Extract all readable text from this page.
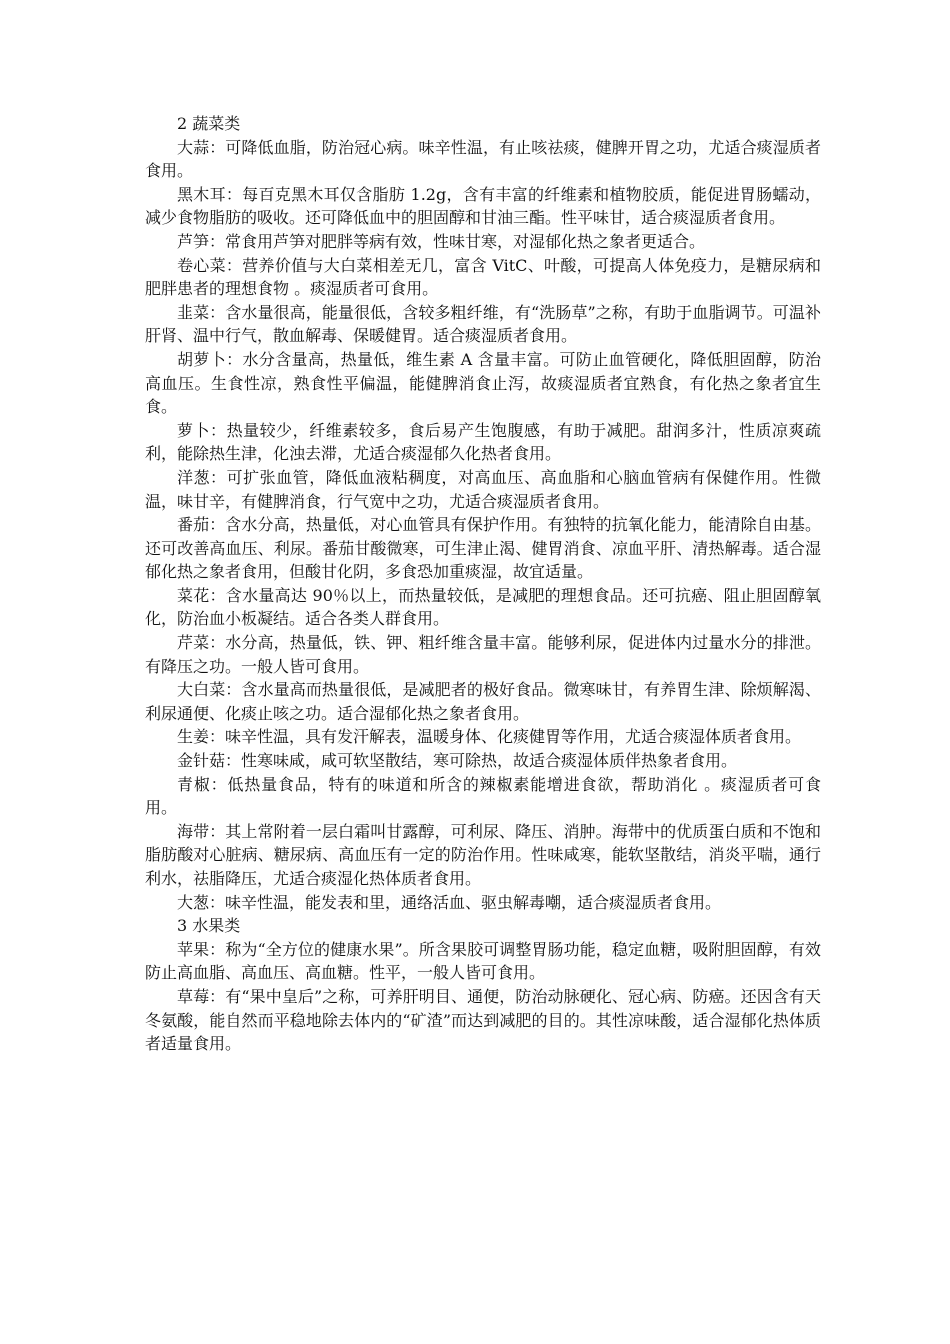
2 蔬菜类

大蒜：可降低血脂，防治冠心病。味辛性温，有止咳祛痰，健脾开胃之功，尤适合痰湿质者食用。

黑木耳：每百克黑木耳仅含脂肪 1.2g，含有丰富的纤维素和植物胶质，能促进胃肠蠕动，减少食物脂肪的吸收。还可降低血中的胆固醇和甘油三酯。性平味甘，适合痰湿质者食用。

芦笋：常食用芦笋对肥胖等病有效，性味甘寒，对湿郁化热之象者更适合。

卷心菜：营养价值与大白菜相差无几，富含 VitC、叶酸，可提高人体免疫力，是糖尿病和肥胖患者的理想食物 。痰湿质者可食用。

韭菜：含水量很高，能量很低，含较多粗纤维，有“洗肠草”之称，有助于血脂调节。可温补肝肾、温中行气，散血解毒、保暖健胃。适合痰湿质者食用。

胡萝卜：水分含量高，热量低，维生素 A 含量丰富。可防止血管硬化，降低胆固醇，防治高血压。生食性凉，熟食性平偏温，能健脾消食止泻，故痰湿质者宜熟食，有化热之象者宜生食。

萝卜：热量较少，纤维素较多，食后易产生饱腹感，有助于减肥。甜润多汁，性质凉爽疏利，能除热生津，化浊去滞，尤适合痰湿郁久化热者食用。

洋葱：可扩张血管，降低血液粘稠度，对高血压、高血脂和心脑血管病有保健作用。性微温，味甘辛，有健脾消食，行气宽中之功，尤适合痰湿质者食用。

番茄：含水分高，热量低，对心血管具有保护作用。有独特的抗氧化能力，能清除自由基。还可改善高血压、利尿。番茄甘酸微寒，可生津止渴、健胃消食、凉血平肝、清热解毒。适合湿郁化热之象者食用，但酸甘化阴，多食恐加重痰湿，故宜适量。

菜花：含水量高达 90％以上，而热量较低，是减肥的理想食品。还可抗癌、阻止胆固醇氧化，防治血小板凝结。适合各类人群食用。

芹菜：水分高，热量低，铁、钾、粗纤维含量丰富。能够利尿，促进体内过量水分的排泄。有降压之功。一般人皆可食用。

大白菜：含水量高而热量很低，是减肥者的极好食品。微寒味甘，有养胃生津、除烦解渴、利尿通便、化痰止咳之功。适合湿郁化热之象者食用。

生姜：味辛性温，具有发汗解表，温暖身体、化痰健胃等作用，尤适合痰湿体质者食用。

金针菇：性寒味咸，咸可软坚散结，寒可除热，故适合痰湿体质伴热象者食用。

青椒：低热量食品，特有的味道和所含的辣椒素能增进食欲，帮助消化 。痰湿质者可食用。

海带：其上常附着一层白霜叫甘露醇，可利尿、降压、消肿。海带中的优质蛋白质和不饱和脂肪酸对心脏病、糖尿病、高血压有一定的防治作用。性味咸寒，能软坚散结，消炎平喘，通行利水，祛脂降压，尤适合痰湿化热体质者食用。

大葱：味辛性温，能发表和里，通络活血、驱虫解毒嘲，适合痰湿质者食用。

3 水果类

苹果：称为“全方位的健康水果”。所含果胶可调整胃肠功能，稳定血糖，吸附胆固醇，有效防止高血脂、高血压、高血糖。性平，一般人皆可食用。

草莓：有“果中皇后”之称，可养肝明目、通便，防治动脉硬化、冠心病、防癌。还因含有天冬氨酸，能自然而平稳地除去体内的“矿渣”而达到减肥的目的。其性凉味酸，适合湿郁化热体质者适量食用。
